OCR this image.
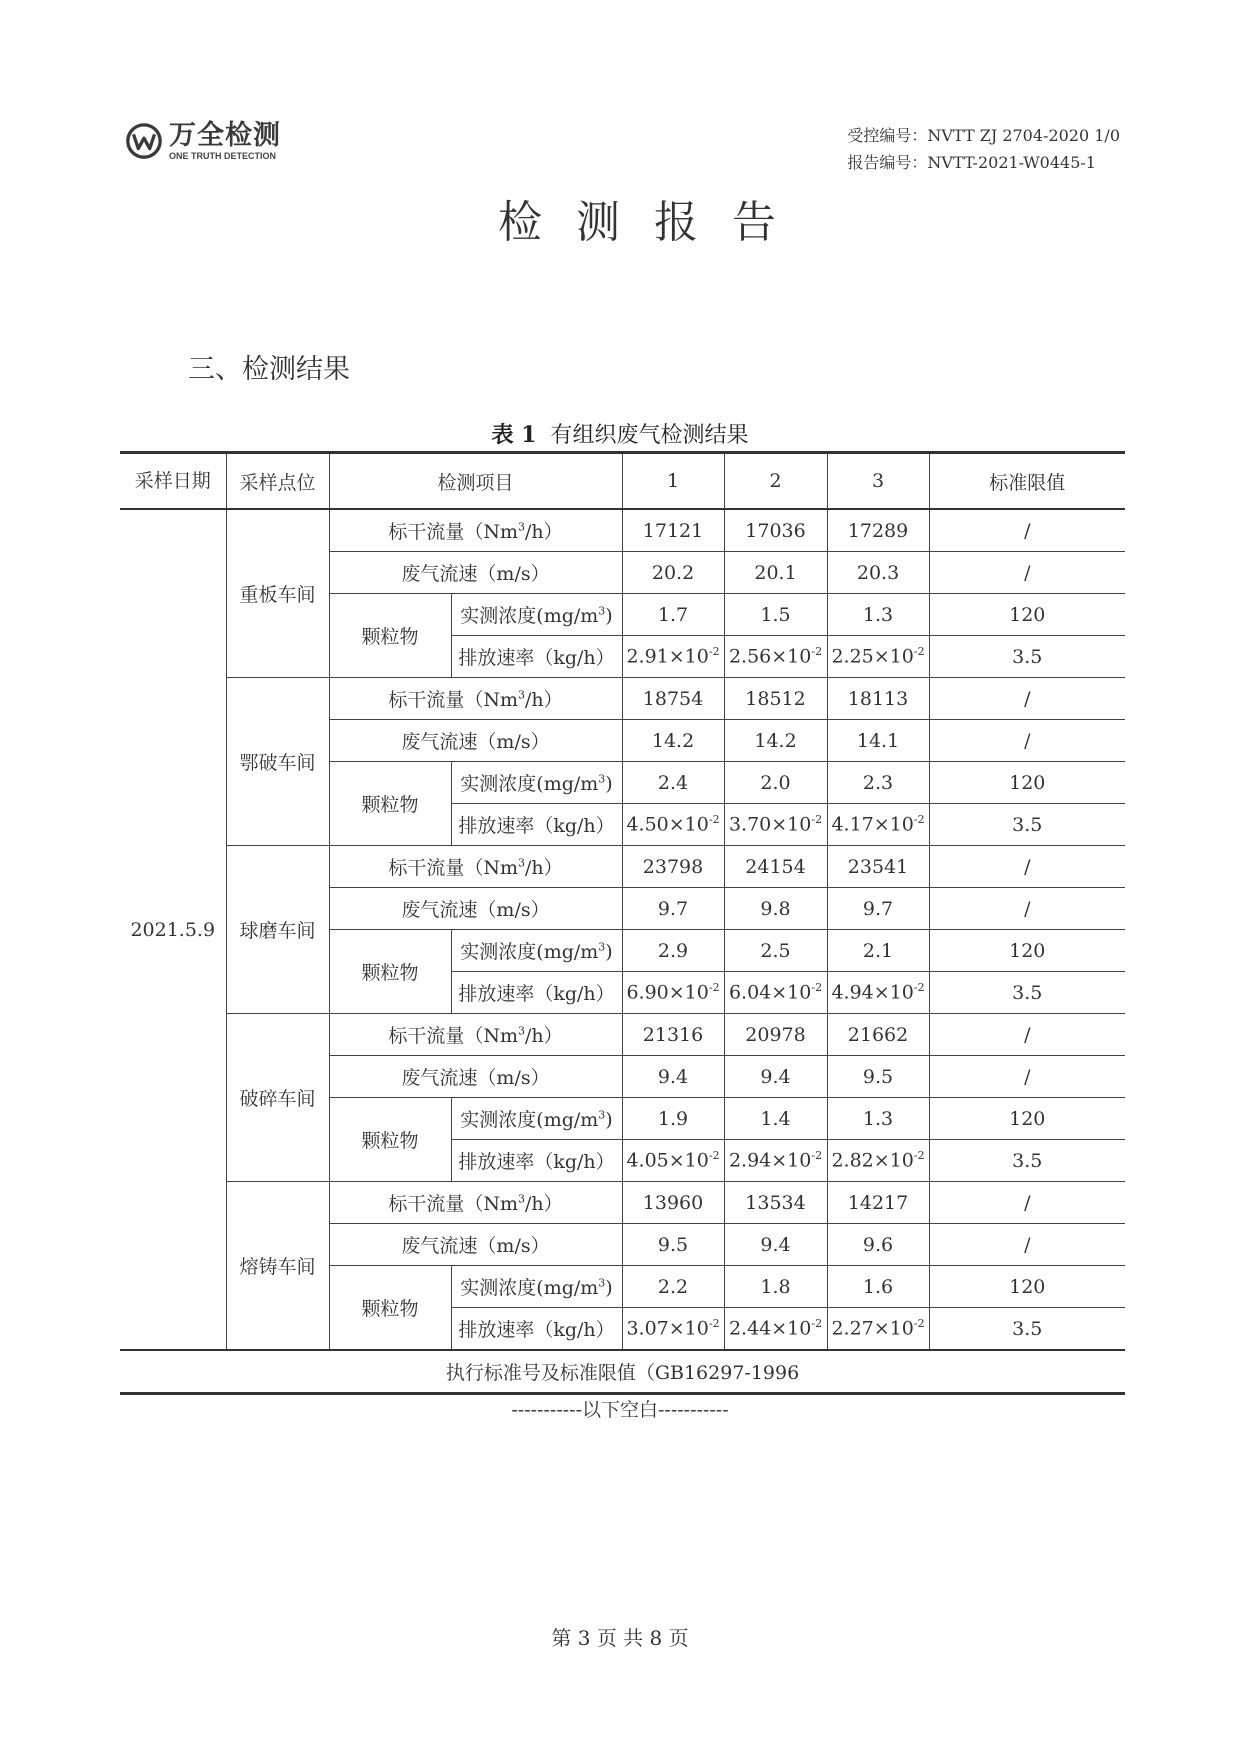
万全检测
ONE TRUTH DETECTION
受控编号：NVTT ZJ 2704-2020 1/0
报告编号：NVTT-2021-W0445-1
检测报告
三、检测结果
表 1 有组织废气检测结果
采样日期	采样点位	检测项目		1	2	3	标准限值
2021.5.9	重板车间	标干流量（Nm$^3$/h）		17121	17036	17289	/
		废气流速（m/s）		20.2	20.1	20.3	/
		颗粒物	实测浓度$(mg/m^3)$	1.7	1.5	1.3	120
			排放速率（kg/h）	$2.91\times 10^{-2}$	$2.56\times 10^{-2}$	$2.25\times 10^{-2}$	3.5
	鄂破车间	标干流量（Nm$^3$/h）		18754	18512	18113	/
		废气流速（m/s）		14.2	14.2	14.1	/
		颗粒物	实测浓度$(mg/m^3)$	2.4	2.0	2.3	120
			排放速率（kg/h）	$4.50\times 10^{-2}$	$3.70\times 10^{-2}$	$4.17\times 10^{-2}$	3.5
	球磨车间	标干流量（Nm$^3$/h）		23798	24154	23541	/
		废气流速（m/s）		9.7	9.8	9.7	/
		颗粒物	实测浓度$(mg/m^3)$	2.9	2.5	2.1	120
			排放速率（kg/h）	$6.90\times 10^{-2}$	$6.04\times 10^{-2}$	$4.94\times 10^{-2}$	3.5
	破碎车间	标干流量（Nm$^3$/h）		21316	20978	21662	/
		废气流速（m/s）		9.4	9.4	9.5	/
		颗粒物	实测浓度$(mg/m^3)$	1.9	1.4	1.3	120
			排放速率（kg/h）	$4.05\times 10^{-2}$	$2.94\times 10^{-2}$	$2.82\times 10^{-2}$	3.5
	熔铸车间	标干流量（Nm$^3$/h）		13960	13534	14217	/
		废气流速（m/s）		9.5	9.4	9.6	/
		颗粒物	实测浓度$(mg/m^3)$	2.2	1.8	1.6	120
			排放速率（kg/h）	$3.07\times 10^{-2}$	$2.44\times 10^{-2}$	$2.27\times 10^{-2}$	3.5
执行标准号及标准限值（GB16297-1996							
-----------以下空白-----------
第 3 页 共 8 页
